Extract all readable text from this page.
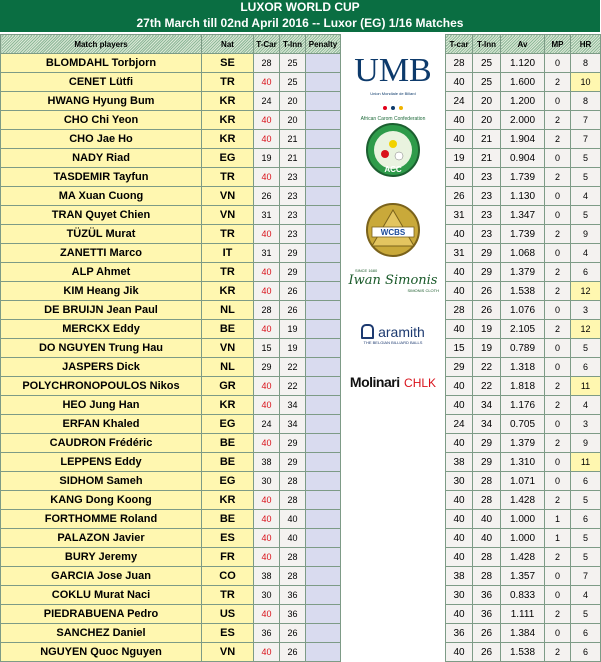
LUXOR WORLD CUP
27th March till 02nd April 2016 -- Luxor (EG) 1/16 Matches
Match players	Nat	T-Car	T-Inn	Penalty
BLOMDAHL Torbjorn	SE	28	25	
CENET Lütfi	TR	40	25	
HWANG Hyung Bum	KR	24	20	
CHO Chi Yeon	KR	40	20	
CHO Jae Ho	KR	40	21	
NADY Riad	EG	19	21	
TASDEMIR Tayfun	TR	40	23	
MA Xuan Cuong	VN	26	23	
TRAN Quyet Chien	VN	31	23	
TÜZÜL Murat	TR	40	23	
ZANETTI Marco	IT	31	29	
ALP Ahmet	TR	40	29	
KIM Heang Jik	KR	40	26	
DE BRUIJN Jean Paul	NL	28	26	
MERCKX Eddy	BE	40	19	
DO NGUYEN Trung Hau	VN	15	19	
JASPERS Dick	NL	29	22	
POLYCHRONOPOULOS Nikos	GR	40	22	
HEO Jung Han	KR	40	34	
ERFAN Khaled	EG	24	34	
CAUDRON Frédéric	BE	40	29	
LEPPENS Eddy	BE	38	29	
SIDHOM Sameh	EG	30	28	
KANG Dong Koong	KR	40	28	
FORTHOMME Roland	BE	40	40	
PALAZON Javier	ES	40	40	
BURY Jeremy	FR	40	28	
GARCIA Jose Juan	CO	38	28	
COKLU Murat Naci	TR	30	36	
PIEDRABUENA Pedro	US	40	36	
SANCHEZ Daniel	ES	36	26	
NGUYEN Quoc Nguyen	VN	40	26	
UMB
Union Mondiale de Billard

African Carom Confederation
ACC
WCBS
SINCE 1680
Iwan Simonis
SIMONIS CLOTH
aramith
THE BELGIAN BILLIARD BALLS
Molinari CHLK
T-car	T-Inn	Av	MP	HR
28	25	1.120	0	8
40	25	1.600	2	10
24	20	1.200	0	8
40	20	2.000	2	7
40	21	1.904	2	7
19	21	0.904	0	5
40	23	1.739	2	5
26	23	1.130	0	4
31	23	1.347	0	5
40	23	1.739	2	9
31	29	1.068	0	4
40	29	1.379	2	6
40	26	1.538	2	12
28	26	1.076	0	3
40	19	2.105	2	12
15	19	0.789	0	5
29	22	1.318	0	6
40	22	1.818	2	11
40	34	1.176	2	4
24	34	0.705	0	3
40	29	1.379	2	9
38	29	1.310	0	11
30	28	1.071	0	6
40	28	1.428	2	5
40	40	1.000	1	6
40	40	1.000	1	5
40	28	1.428	2	5
38	28	1.357	0	7
30	36	0.833	0	4
40	36	1.111	2	5
36	26	1.384	0	6
40	26	1.538	2	6
